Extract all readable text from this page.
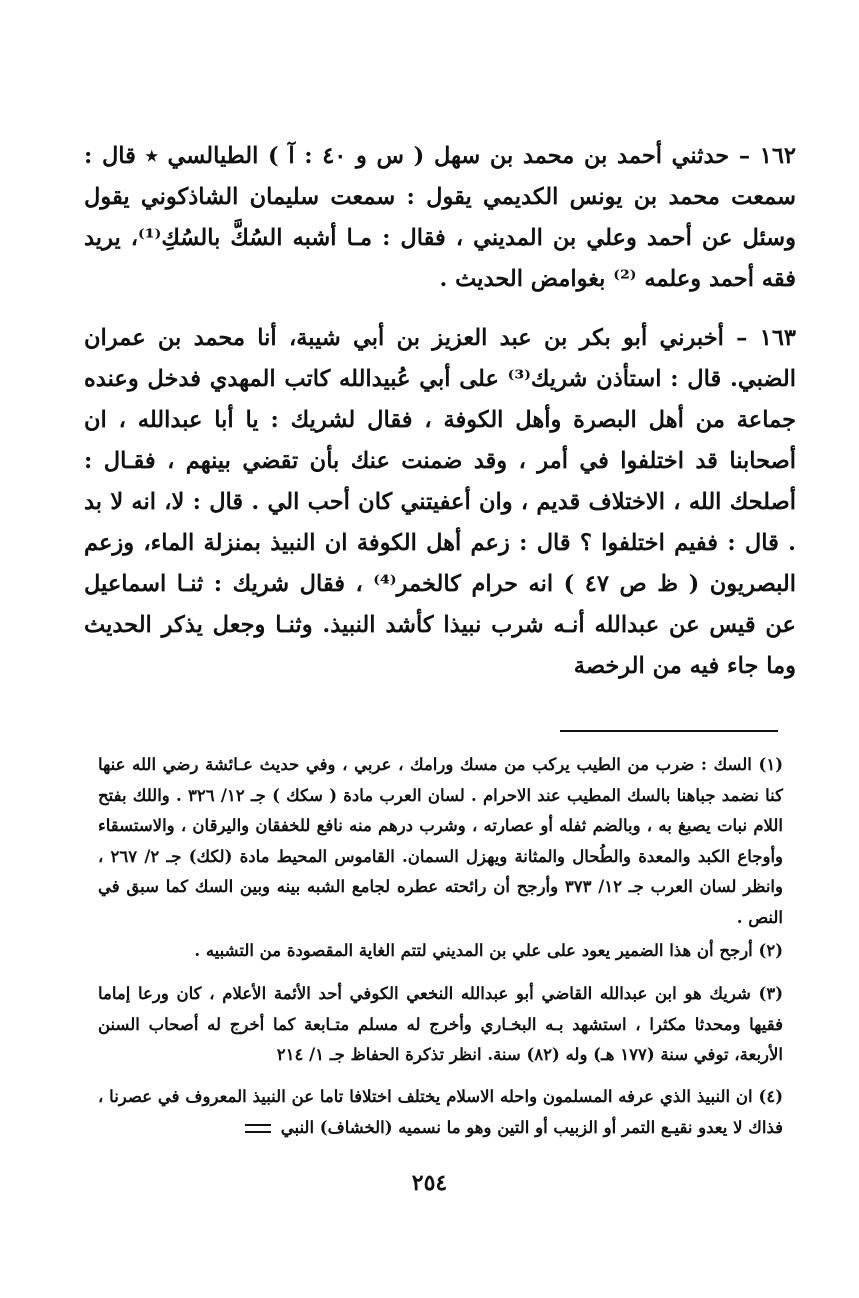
١٦٢ – حدثني أحمد بن محمد بن سهل ( س و ٤٠ : آ ) الطيالسي ٭ قال : سمعت محمد بن يونس الكديمي يقول : سمعت سليمان الشاذكوني يقول وسئل عن أحمد وعلي بن المديني ، فقال : مـا أشبه السُكَّ بالسُكِ⁽¹⁾، يريد فقه أحمد وعلمه ⁽²⁾ بغوامض الحديث .

١٦٣ – أخبرني أبو بكر بن عبد العزيز بن أبي شيبة، أنا محمد بن عمران الضبي. قال : استأذن شريك⁽³⁾ على أبي عُبيدالله كاتب المهدي فدخل وعنده جماعة من أهل البصرة وأهل الكوفة ، فقال لشريك : يا أبا عبدالله ، ان أصحابنا قد اختلفوا في أمر ، وقد ضمنت عنك بأن تقضي بينهم ، فقـال : أصلحك الله ، الاختلاف قديم ، وان أعفيتني كان أحب الي . قال : لا، انه لا بد . قال : ففيم اختلفوا ؟ قال : زعم أهل الكوفة ان النبيذ بمنزلة الماء، وزعم البصريون ( ظ ص ٤٧ ) انه حرام كالخمر⁽⁴⁾ ، فقال شريك : ثنـا اسماعيل عن قيس عن عبدالله أنـه شرب نبيذا كأشد النبيذ. وثنـا وجعل يذكر الحديث وما جاء فيه من الرخصة

(١) السك : ضرب من الطيب يركب من مسك ورامك ، عربي ، وفي حديث عـائشة رضي الله عنها كنا نضمد جباهنا بالسك المطيب عند الاحرام . لسان العرب مادة ( سكك ) جـ ١٢/ ٣٢٦ . واللك بفتح اللام نبات يصبغ به ، وبالضم ثفله أو عصارته ، وشرب درهم منه نافع للخفقان واليرقان ، والاستسقاء وأوجاع الكبد والمعدة والطُحال والمثانة ويهزل السمان. القاموس المحيط مادة (لكك) جـ ٢/ ٢٦٧ ، وانظر لسان العرب جـ ١٢/ ٣٧٣ وأرجح أن رائحته عطره لجامع الشبه بينه وبين السك كما سبق في النص .

(٢) أرجح أن هذا الضمير يعود على علي بن المديني لتتم الغاية المقصودة من التشبيه .

(٣) شريك هو ابن عبدالله القاضي أبو عبدالله النخعي الكوفي أحد الأئمة الأعلام ، كان ورعا إماما فقيها ومحدثا مكثرا ، استشهد بـه البخـاري وأخرج له مسلم متـابعة كما أخرج له أصحاب السنن الأربعة، توفي سنة (١٧٧ هـ) وله (٨٢) سنة. انظر تذكرة الحفاظ جـ ١/ ٢١٤

(٤) ان النبيذ الذي عرفه المسلمون واحله الاسلام يختلف اختلافا تاما عن النبيذ المعروف في عصرنا ، فذاك لا يعدو نقيـع التمر أو الزبيب أو التين وهو ما نسميه (الخشاف) النبي

٢٥٤
